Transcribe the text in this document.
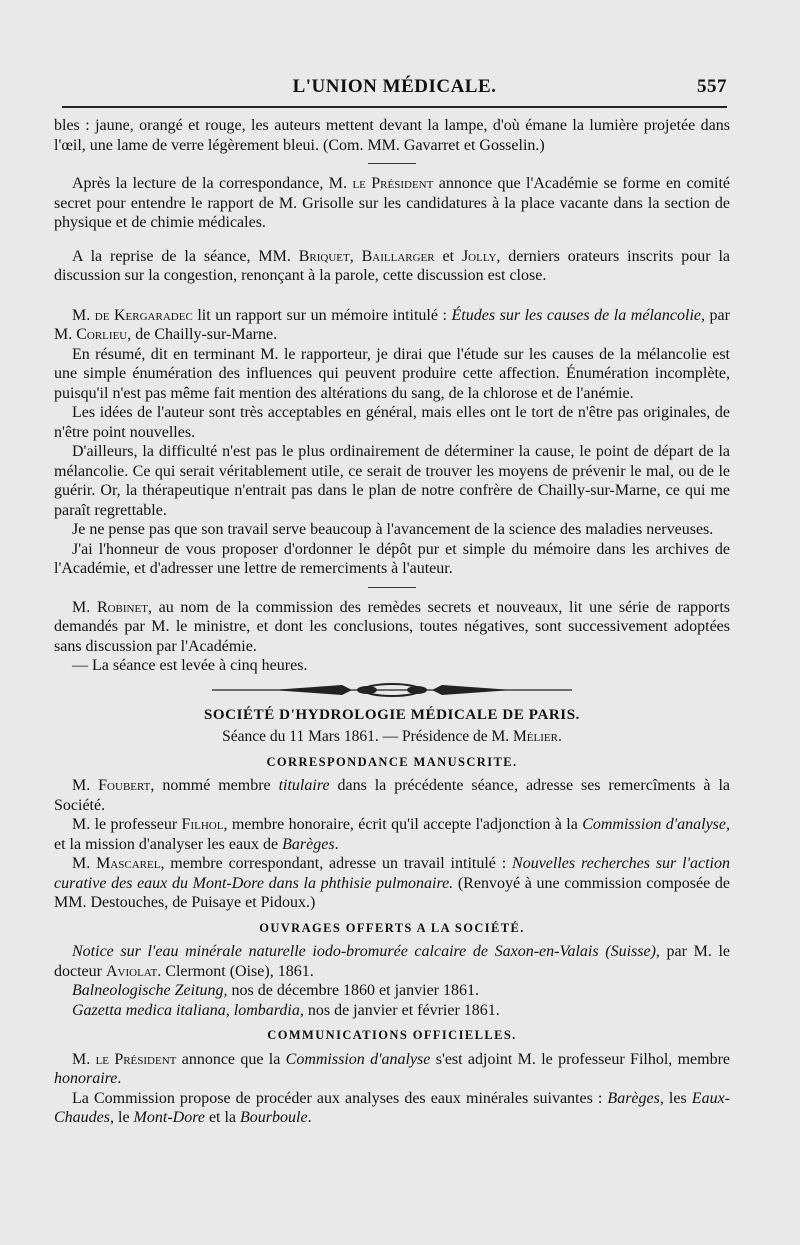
L'UNION MÉDICALE.	557

bles : jaune, orangé et rouge, les auteurs mettent devant la lampe, d'où émane la lumière projetée dans l'œil, une lame de verre légèrement bleui. (Com. MM. Gavarret et Gosselin.)

Après la lecture de la correspondance, M. le Président annonce que l'Académie se forme en comité secret pour entendre le rapport de M. Grisolle sur les candidatures à la place vacante dans la section de physique et de chimie médicales.

A la reprise de la séance, MM. Briquet, Baillarger et Jolly, derniers orateurs inscrits pour la discussion sur la congestion, renonçant à la parole, cette discussion est close.

M. de Kergaradec lit un rapport sur un mémoire intitulé : Études sur les causes de la mélancolie, par M. Corlieu, de Chailly-sur-Marne.

En résumé, dit en terminant M. le rapporteur, je dirai que l'étude sur les causes de la mélancolie est une simple énumération des influences qui peuvent produire cette affection. Énumération incomplète, puisqu'il n'est pas même fait mention des altérations du sang, de la chlorose et de l'anémie.

Les idées de l'auteur sont très acceptables en général, mais elles ont le tort de n'être pas originales, de n'être point nouvelles.

D'ailleurs, la difficulté n'est pas le plus ordinairement de déterminer la cause, le point de départ de la mélancolie. Ce qui serait véritablement utile, ce serait de trouver les moyens de prévenir le mal, ou de le guérir. Or, la thérapeutique n'entrait pas dans le plan de notre confrère de Chailly-sur-Marne, ce qui me paraît regrettable.

Je ne pense pas que son travail serve beaucoup à l'avancement de la science des maladies nerveuses.

J'ai l'honneur de vous proposer d'ordonner le dépôt pur et simple du mémoire dans les archives de l'Académie, et d'adresser une lettre de remerciments à l'auteur.

M. Robinet, au nom de la commission des remèdes secrets et nouveaux, lit une série de rapports demandés par M. le ministre, et dont les conclusions, toutes négatives, sont successivement adoptées sans discussion par l'Académie.

— La séance est levée à cinq heures.

SOCIÉTÉ D'HYDROLOGIE MÉDICALE DE PARIS.

Séance du 11 Mars 1861. — Présidence de M. Mélier.

CORRESPONDANCE MANUSCRITE.

M. Foubert, nommé membre titulaire dans la précédente séance, adresse ses remercîments à la Société.

M. le professeur Filhol, membre honoraire, écrit qu'il accepte l'adjonction à la Commission d'analyse, et la mission d'analyser les eaux de Barèges.

M. Mascarel, membre correspondant, adresse un travail intitulé : Nouvelles recherches sur l'action curative des eaux du Mont-Dore dans la phthisie pulmonaire. (Renvoyé à une commission composée de MM. Destouches, de Puisaye et Pidoux.)

OUVRAGES OFFERTS A LA SOCIÉTÉ.

Notice sur l'eau minérale naturelle iodo-bromurée calcaire de Saxon-en-Valais (Suisse), par M. le docteur Aviolat. Clermont (Oise), 1861.

Balneologische Zeitung, nos de décembre 1860 et janvier 1861.

Gazetta medica italiana, lombardia, nos de janvier et février 1861.

COMMUNICATIONS OFFICIELLES.

M. le Président annonce que la Commission d'analyse s'est adjoint M. le professeur Filhol, membre honoraire.

La Commission propose de procéder aux analyses des eaux minérales suivantes : Barèges, les Eaux-Chaudes, le Mont-Dore et la Bourboule.
